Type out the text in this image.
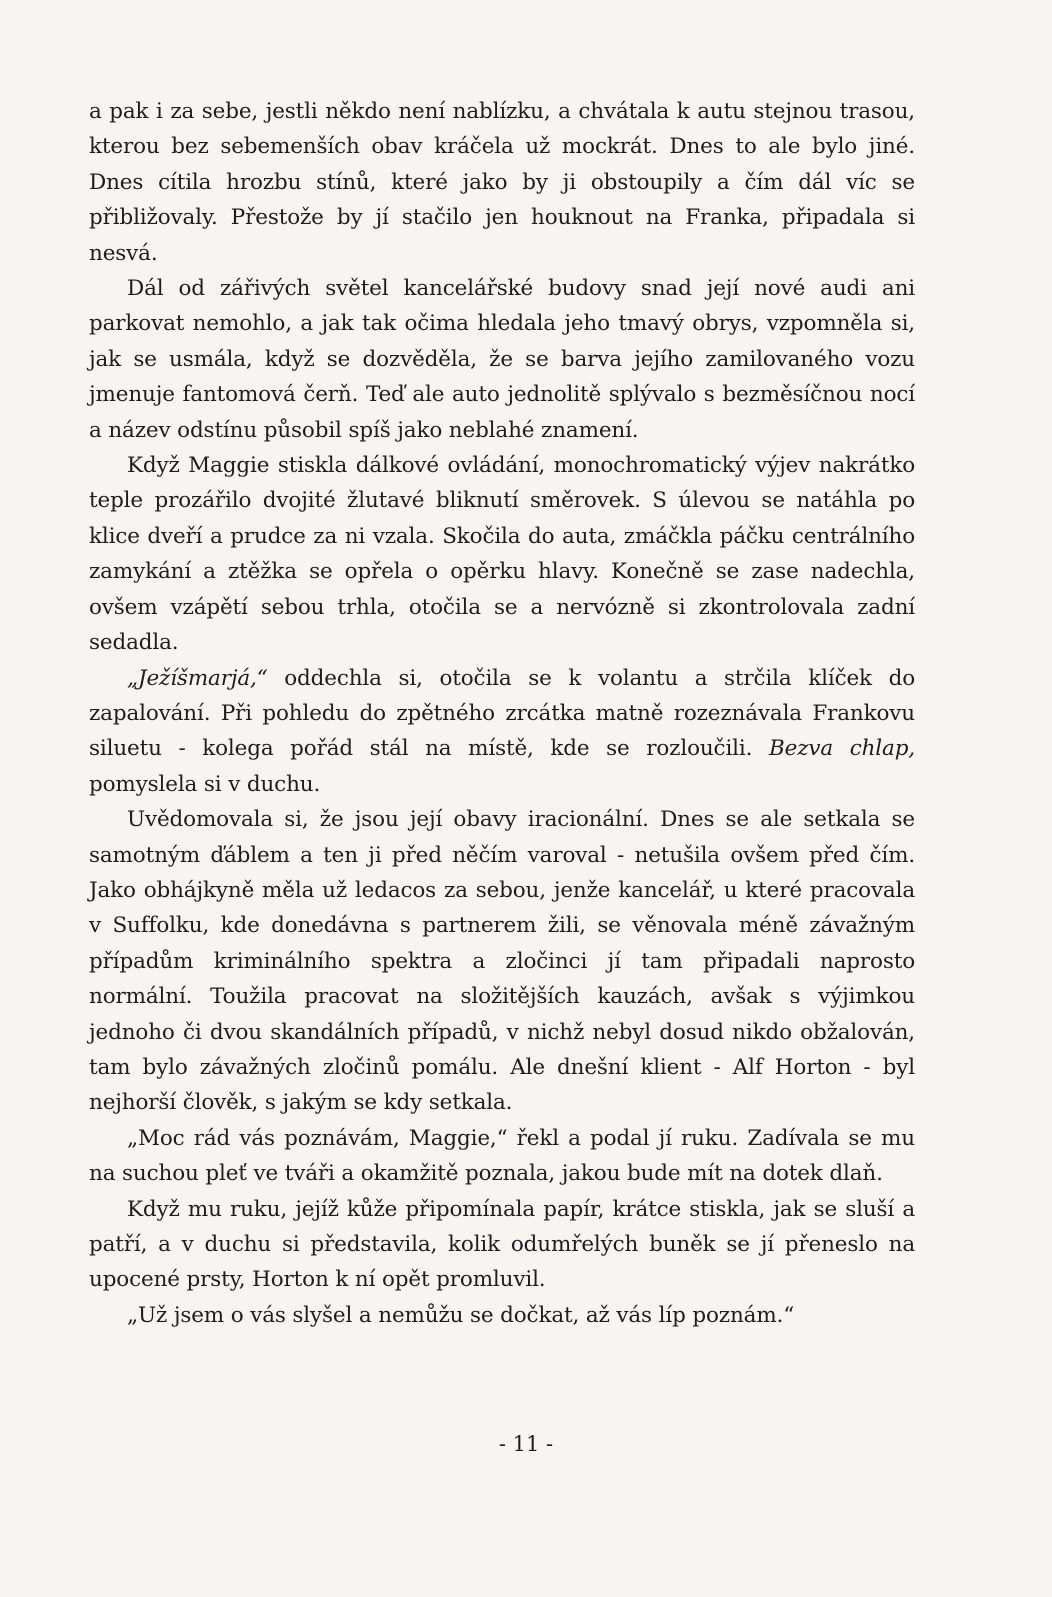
a pak i za sebe, jestli někdo není nablízku, a chvátala k autu stejnou trasou, kterou bez sebemenších obav kráčela už mockrát. Dnes to ale bylo jiné. Dnes cítila hrozbu stínů, které jako by ji obstoupily a čím dál víc se přibližovaly. Přestože by jí stačilo jen houknout na Franka, připadala si nesvá.

Dál od zářivých světel kancelářské budovy snad její nové audi ani parkovat nemohlo, a jak tak očima hledala jeho tmavý obrys, vzpomněla si, jak se usmála, když se dozvěděla, že se barva jejího zamilovaného vozu jmenuje fantomová čerň. Teď ale auto jednolitě splývalo s bezměsíčnou nocí a název odstínu působil spíš jako neblahé znamení.

Když Maggie stiskla dálkové ovládání, monochromatický výjev nakrátko teple prozářilo dvojité žlutavé bliknutí směrovek. S úlevou se natáhla po klice dveří a prudce za ni vzala. Skočila do auta, zmáčkla páčku centrálního zamykání a ztěžka se opřela o opěrku hlavy. Konečně se zase nadechla, ovšem vzápětí sebou trhla, otočila se a nervózně si zkontrolovala zadní sedadla.

„Ježíšmarjá,“ oddechla si, otočila se k volantu a strčila klíček do zapalování. Při pohledu do zpětného zrcátka matně rozeznávala Frankovu siluetu - kolega pořád stál na místě, kde se rozloučili. Bezva chlap, pomyslela si v duchu.

Uvědomovala si, že jsou její obavy iracionální. Dnes se ale setkala se samotným ďáblem a ten ji před něčím varoval - netušila ovšem před čím. Jako obhájkyně měla už ledacos za sebou, jenže kancelář, u které pracovala v Suffolku, kde donedávna s partnerem žili, se věnovala méně závažným případům kriminálního spektra a zločinci jí tam připadali naprosto normální. Toužila pracovat na složitějších kauzách, avšak s výjimkou jednoho či dvou skandálních případů, v nichž nebyl dosud nikdo obžalován, tam bylo závažných zločinů pomálu. Ale dnešní klient - Alf Horton - byl nejhorší člověk, s jakým se kdy setkala.

„Moc rád vás poznávám, Maggie,“ řekl a podal jí ruku. Zadívala se mu na suchou pleť ve tváři a okamžitě poznala, jakou bude mít na dotek dlaň.

Když mu ruku, jejíž kůže připomínala papír, krátce stiskla, jak se sluší a patří, a v duchu si představila, kolik odumřelých buněk se jí přeneslo na upocené prsty, Horton k ní opět promluvil.

„Už jsem o vás slyšel a nemůžu se dočkat, až vás líp poznám.“

- 11 -
